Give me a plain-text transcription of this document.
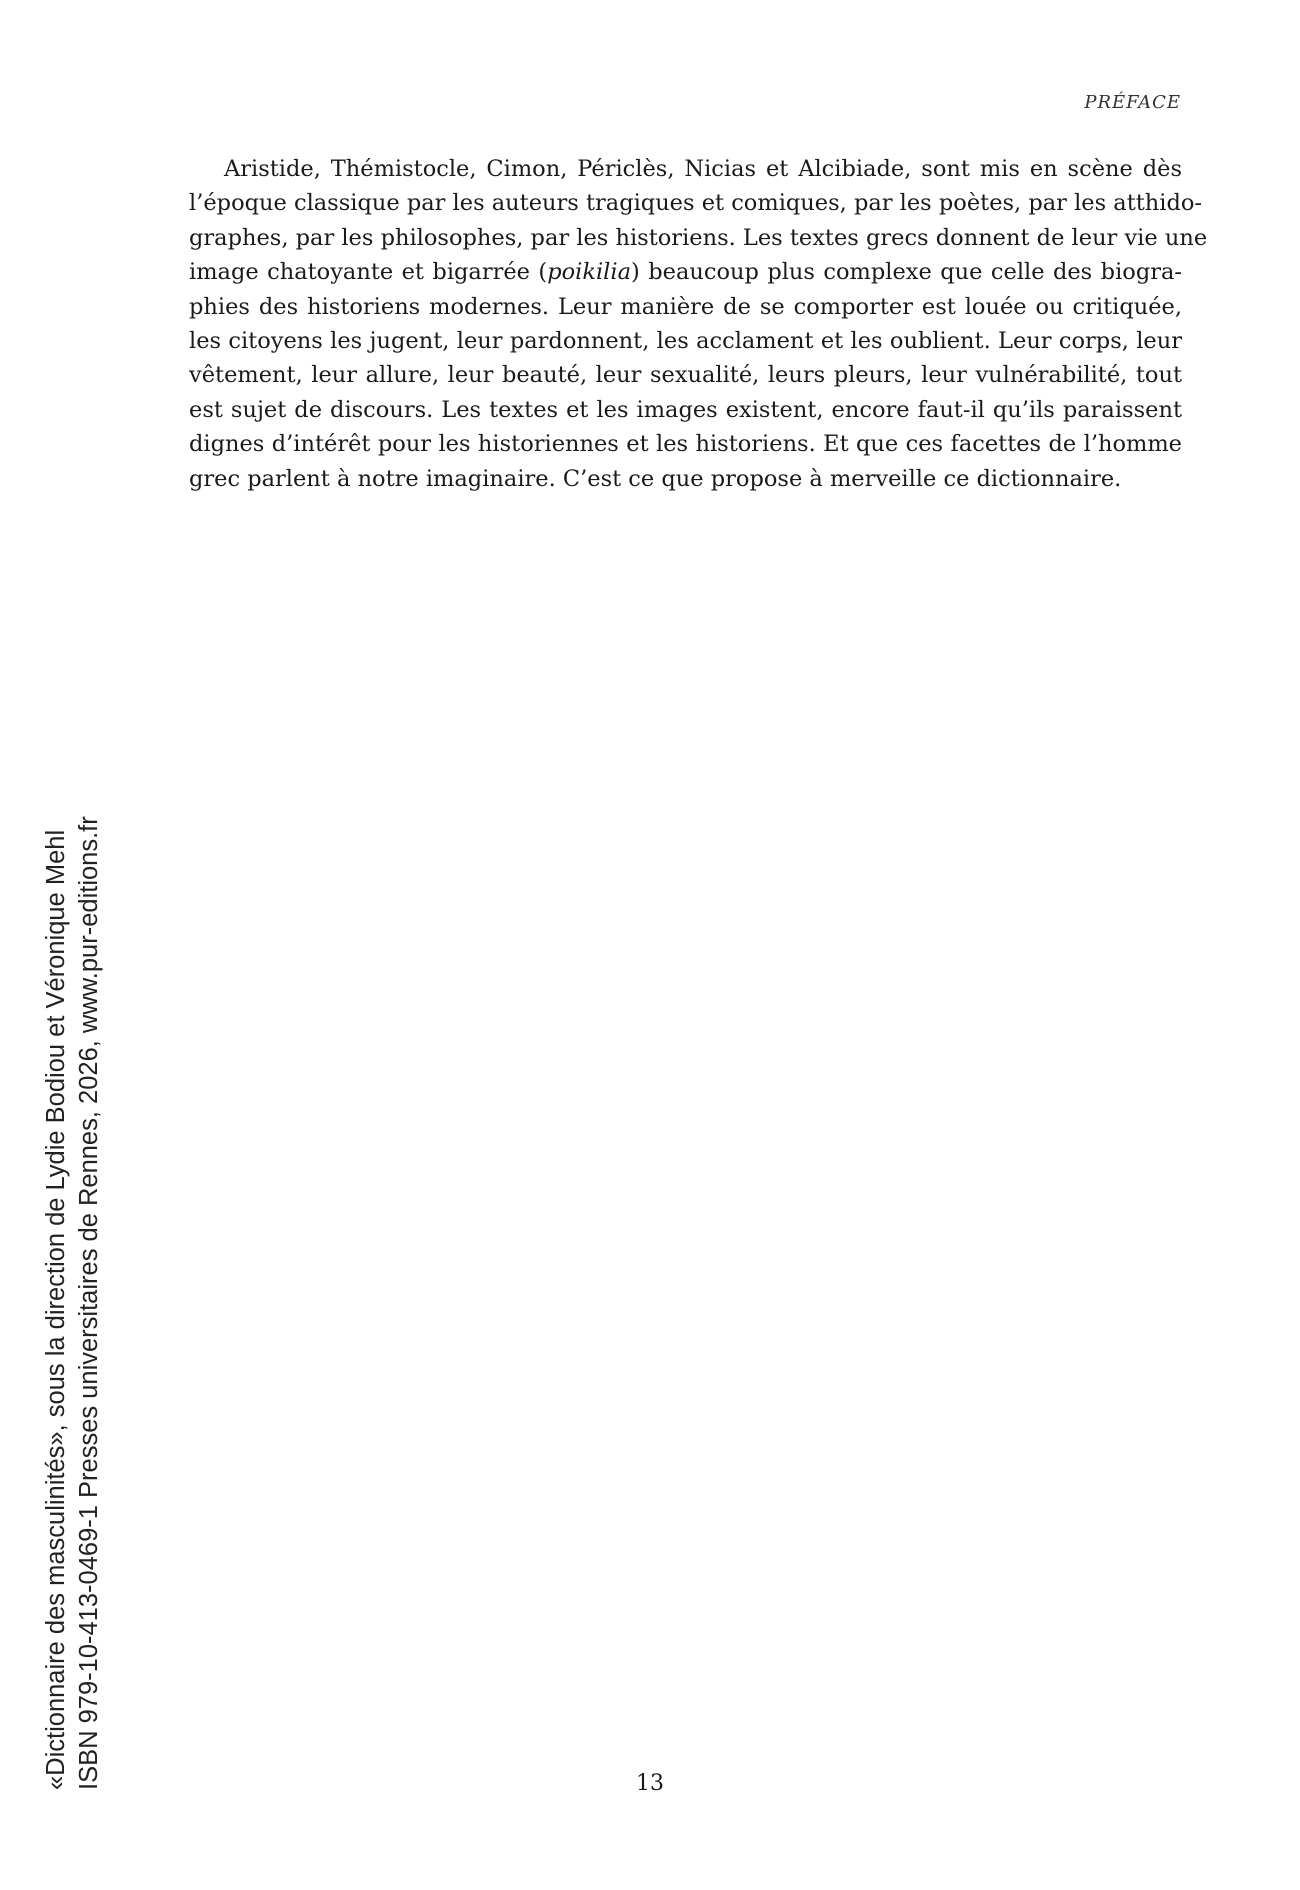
PRÉFACE
Aristide, Thémistocle, Cimon, Périclès, Nicias et Alcibiade, sont mis en scène dès
l’époque classique par les auteurs tragiques et comiques, par les poètes, par les atthido-
graphes, par les philosophes, par les historiens. Les textes grecs donnent de leur vie une
image chatoyante et bigarrée (poikilia) beaucoup plus complexe que celle des biogra-
phies des historiens modernes. Leur manière de se comporter est louée ou critiquée,
les citoyens les jugent, leur pardonnent, les acclament et les oublient. Leur corps, leur
vêtement, leur allure, leur beauté, leur sexualité, leurs pleurs, leur vulnérabilité, tout
est sujet de discours. Les textes et les images existent, encore faut-il qu’ils paraissent
dignes d’intérêt pour les historiennes et les historiens. Et que ces facettes de l’homme
grec parlent à notre imaginaire. C’est ce que propose à merveille ce dictionnaire.
13
«Dictionnaire des masculinités», sous la direction de Lydie Bodiou et Véronique Mehl ISBN 979-10-413-0469-1 Presses universitaires de Rennes, 2026, www.pur-editions.fr
